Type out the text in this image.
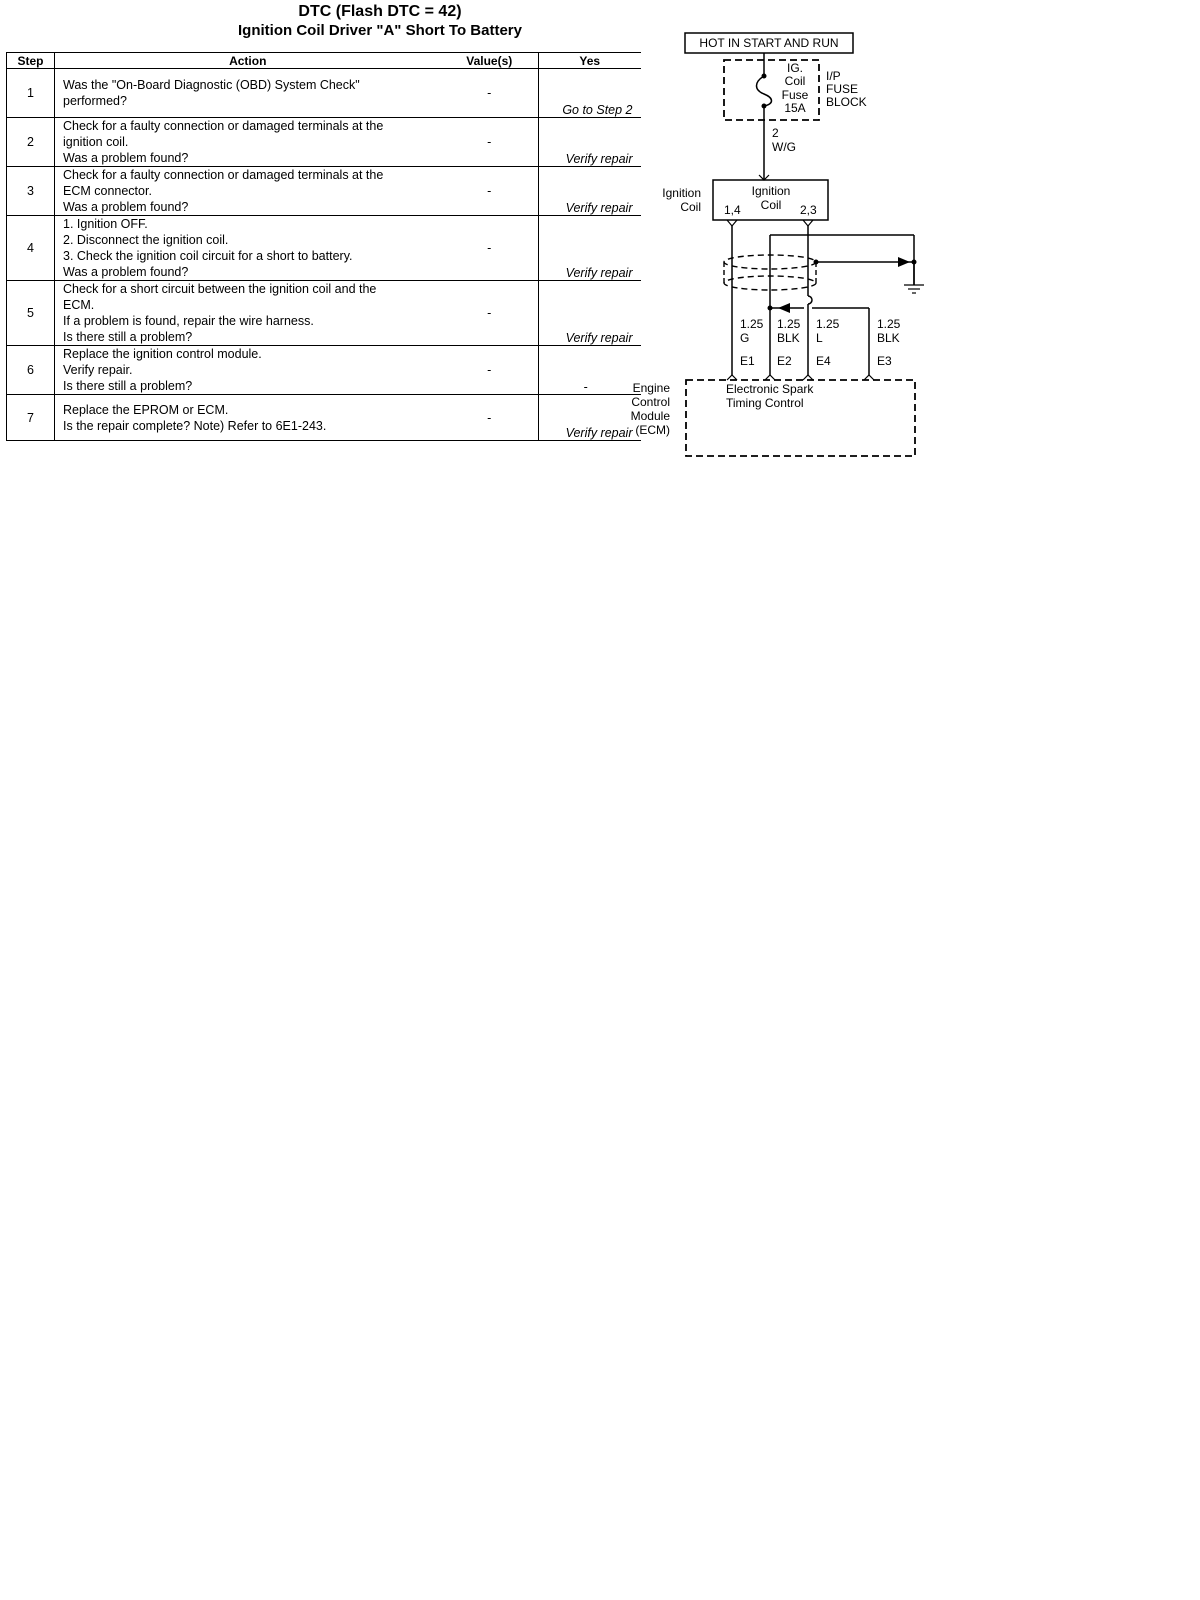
DTC (Flash DTC = 42)
Ignition Coil Driver "A" Short To Battery
Step	Action	Value(s)	Yes
1	Was the "On-Board Diagnostic (OBD) System Check"
performed?	-	Go to Step 2
2	Check for a faulty connection or damaged terminals at the
ignition coil.
Was a problem found?	-	Verify repair
3	Check for a faulty connection or damaged terminals at the
ECM connector.
Was a problem found?	-	Verify repair
4	1. Ignition OFF.
2. Disconnect the ignition coil.
3. Check the ignition coil circuit for a short to battery.
Was a problem found?	-	Verify repair
5	Check for a short circuit between the ignition coil and the
ECM.
If a problem is found, repair the wire harness.
Is there still a problem?	-	Verify repair
6	Replace the ignition control module.
Verify repair.
Is there still a problem?	-	-
7	Replace the EPROM or ECM.
Is the repair complete? Note) Refer to 6E1-243.	-	Verify repair
HOT IN START AND RUN
IG.
Coil
Fuse
15A
I/P
FUSE
BLOCK
2
W/G
Ignition
Coil
Ignition
Coil
1,4	2,3
1.25
G
1.25
BLK
1.25
L
1.25
BLK
E1 E2 E4	E3
Engine
Control
Module
(ECM)
Electronic Spark
Timing Control
